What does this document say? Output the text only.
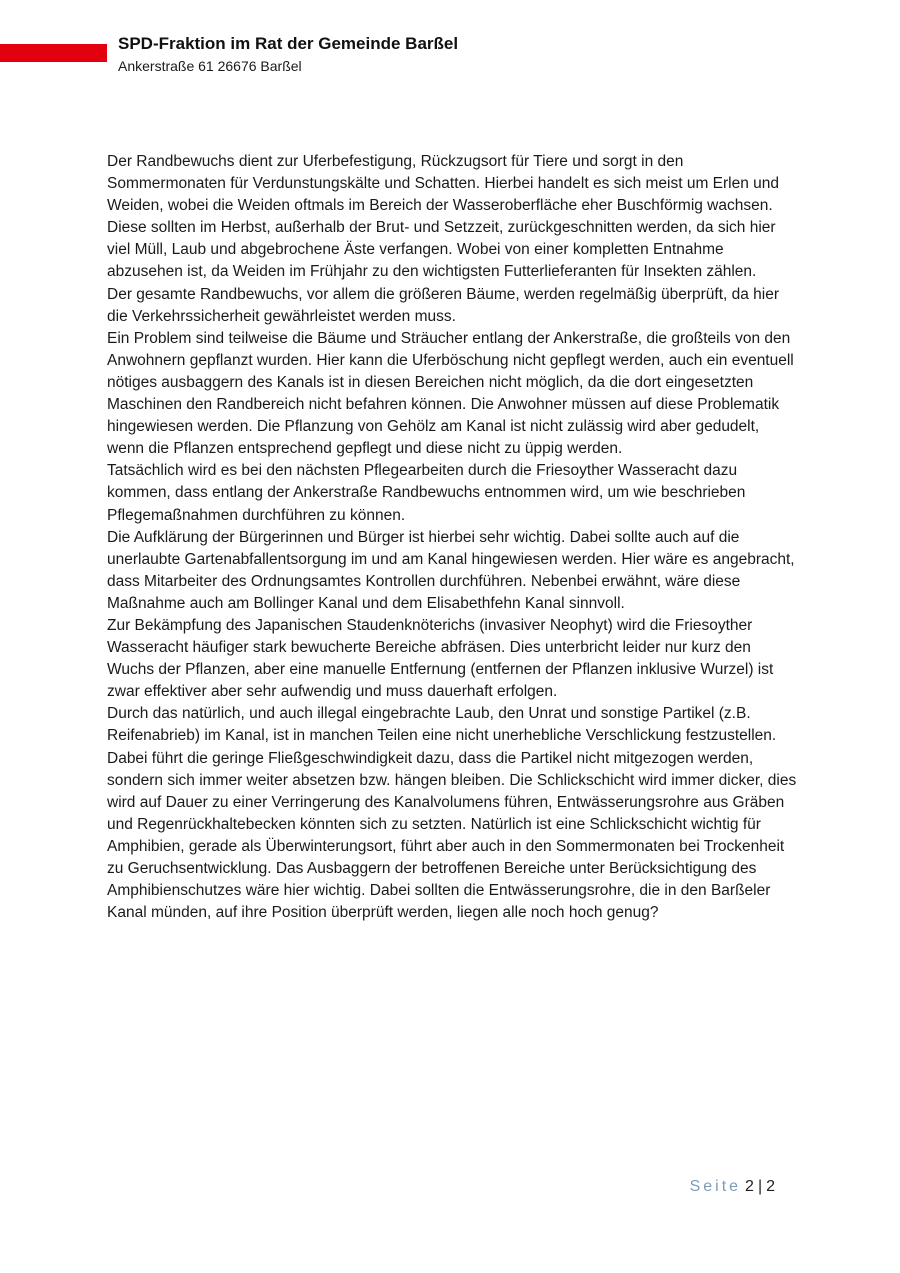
SPD-Fraktion im Rat der Gemeinde Barßel
Ankerstraße 61 26676 Barßel

Der Randbewuchs dient zur Uferbefestigung, Rückzugsort für Tiere und sorgt in den Sommermonaten für Verdunstungskälte und Schatten. Hierbei handelt es sich meist um Erlen und Weiden, wobei die Weiden oftmals im Bereich der Wasseroberfläche eher Buschförmig wachsen. Diese sollten im Herbst, außerhalb der Brut- und Setzzeit, zurückgeschnitten werden, da sich hier viel Müll, Laub und abgebrochene Äste verfangen. Wobei von einer kompletten Entnahme abzusehen ist, da Weiden im Frühjahr zu den wichtigsten Futterlieferanten für Insekten zählen.

Der gesamte Randbewuchs, vor allem die größeren Bäume, werden regelmäßig überprüft, da hier die Verkehrssicherheit gewährleistet werden muss.

Ein Problem sind teilweise die Bäume und Sträucher entlang der Ankerstraße, die großteils von den Anwohnern gepflanzt wurden. Hier kann die Uferböschung nicht gepflegt werden, auch ein eventuell nötiges ausbaggern des Kanals ist in diesen Bereichen nicht möglich, da die dort eingesetzten Maschinen den Randbereich nicht befahren können. Die Anwohner müssen auf diese Problematik hingewiesen werden. Die Pflanzung von Gehölz am Kanal ist nicht zulässig wird aber gedudelt, wenn die Pflanzen entsprechend gepflegt und diese nicht zu üppig werden.

Tatsächlich wird es bei den nächsten Pflegearbeiten durch die Friesoyther Wasseracht dazu kommen, dass entlang der Ankerstraße Randbewuchs entnommen wird, um wie beschrieben Pflegemaßnahmen durchführen zu können.

Die Aufklärung der Bürgerinnen und Bürger ist hierbei sehr wichtig. Dabei sollte auch auf die unerlaubte Gartenabfallentsorgung im und am Kanal hingewiesen werden. Hier wäre es angebracht, dass Mitarbeiter des Ordnungsamtes Kontrollen durchführen. Nebenbei erwähnt, wäre diese Maßnahme auch am Bollinger Kanal und dem Elisabethfehn Kanal sinnvoll.

Zur Bekämpfung des Japanischen Staudenknöterichs (invasiver Neophyt) wird die Friesoyther Wasseracht häufiger stark bewucherte Bereiche abfräsen. Dies unterbricht leider nur kurz den Wuchs der Pflanzen, aber eine manuelle Entfernung (entfernen der Pflanzen inklusive Wurzel) ist zwar effektiver aber sehr aufwendig und muss dauerhaft erfolgen.

Durch das natürlich, und auch illegal eingebrachte Laub, den Unrat und sonstige Partikel (z.B. Reifenabrieb) im Kanal, ist in manchen Teilen eine nicht unerhebliche Verschlickung festzustellen. Dabei führt die geringe Fließgeschwindigkeit dazu, dass die Partikel nicht mitgezogen werden, sondern sich immer weiter absetzen bzw. hängen bleiben. Die Schlickschicht wird immer dicker, dies wird auf Dauer zu einer Verringerung des Kanalvolumens führen, Entwässerungsrohre aus Gräben und Regenrückhaltebecken könnten sich zu setzten. Natürlich ist eine Schlickschicht wichtig für Amphibien, gerade als Überwinterungsort, führt aber auch in den Sommermonaten bei Trockenheit zu Geruchsentwicklung. Das Ausbaggern der betroffenen Bereiche unter Berücksichtigung des Amphibienschutzes wäre hier wichtig. Dabei sollten die Entwässerungsrohre, die in den Barßeler Kanal münden, auf ihre Position überprüft werden, liegen alle noch hoch genug?

Seite 2 | 2
